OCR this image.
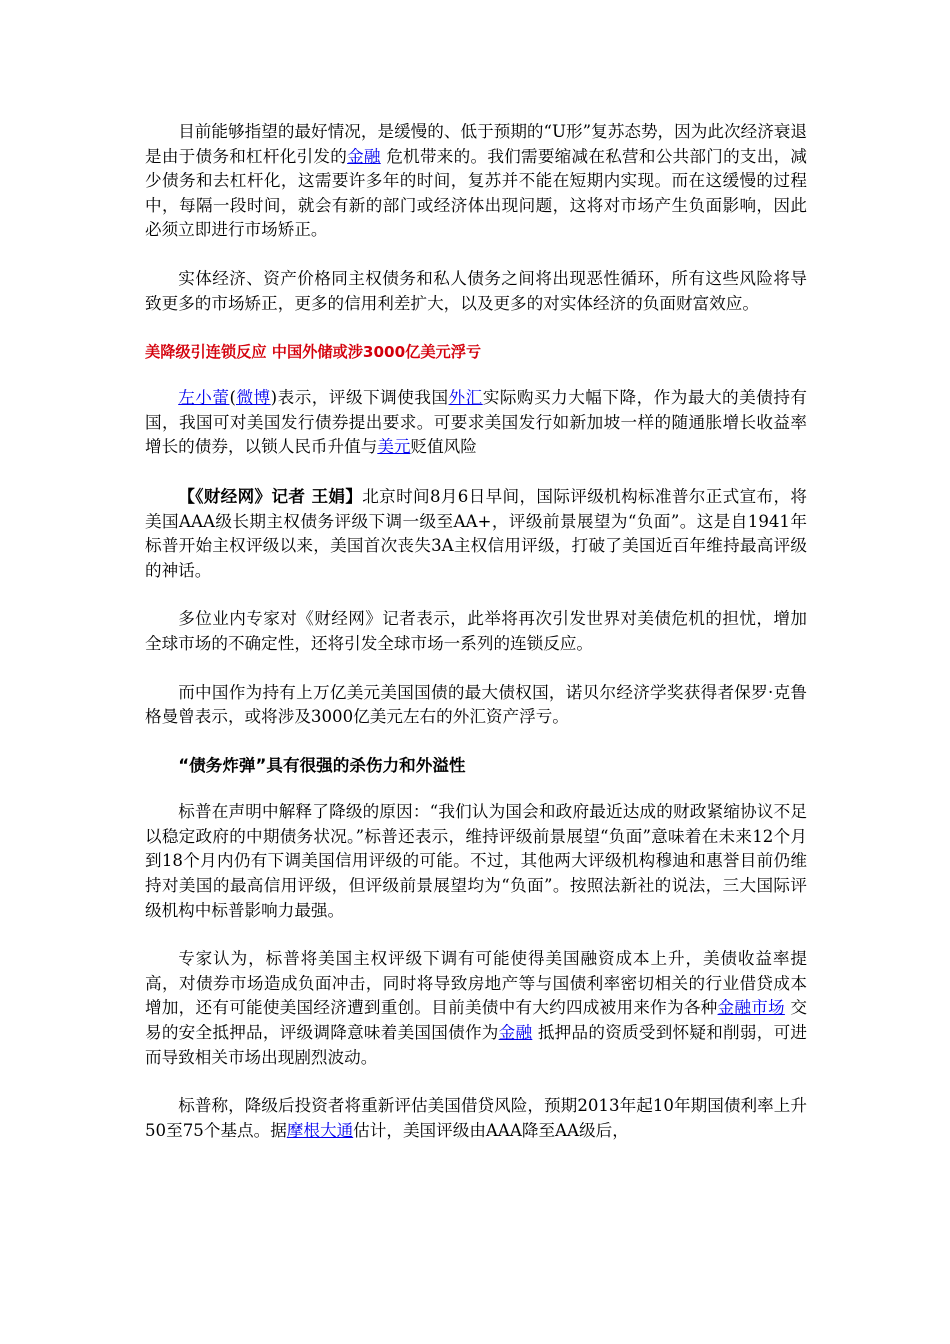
目前能够指望的最好情况，是缓慢的、低于预期的“U形”复苏态势，因为此次经济衰退是由于债务和杠杆化引发的金融 危机带来的。我们需要缩减在私营和公共部门的支出，减少债务和去杠杆化，这需要许多年的时间，复苏并不能在短期内实现。而在这缓慢的过程中，每隔一段时间，就会有新的部门或经济体出现问题，这将对市场产生负面影响，因此必须立即进行市场矫正。

实体经济、资产价格同主权债务和私人债务之间将出现恶性循环，所有这些风险将导致更多的市场矫正，更多的信用利差扩大，以及更多的对实体经济的负面财富效应。

美降级引连锁反应 中国外储或涉3000亿美元浮亏

左小蕾(微博)表示，评级下调使我国外汇实际购买力大幅下降，作为最大的美债持有国，我国可对美国发行债券提出要求。可要求美国发行如新加坡一样的随通胀增长收益率增长的债券，以锁人民币升值与美元贬值风险

【《财经网》记者 王娟】北京时间8月6日早间，国际评级机构标准普尔正式宣布，将美国AAA级长期主权债务评级下调一级至AA+，评级前景展望为“负面”。这是自1941年标普开始主权评级以来，美国首次丧失3A主权信用评级，打破了美国近百年维持最高评级的神话。

多位业内专家对《财经网》记者表示，此举将再次引发世界对美债危机的担忧，增加全球市场的不确定性，还将引发全球市场一系列的连锁反应。

而中国作为持有上万亿美元美国国债的最大债权国，诺贝尔经济学奖获得者保罗·克鲁格曼曾表示，或将涉及3000亿美元左右的外汇资产浮亏。

“债务炸弹”具有很强的杀伤力和外溢性

标普在声明中解释了降级的原因：“我们认为国会和政府最近达成的财政紧缩协议不足以稳定政府的中期债务状况。”标普还表示，维持评级前景展望“负面”意味着在未来12个月到18个月内仍有下调美国信用评级的可能。不过，其他两大评级机构穆迪和惠誉目前仍维持对美国的最高信用评级，但评级前景展望均为“负面”。按照法新社的说法，三大国际评级机构中标普影响力最强。

专家认为，标普将美国主权评级下调有可能使得美国融资成本上升，美债收益率提高，对债券市场造成负面冲击，同时将导致房地产等与国债利率密切相关的行业借贷成本增加，还有可能使美国经济遭到重创。目前美债中有大约四成被用来作为各种金融市场 交易的安全抵押品，评级调降意味着美国国债作为金融 抵押品的资质受到怀疑和削弱，可进而导致相关市场出现剧烈波动。

标普称，降级后投资者将重新评估美国借贷风险，预期2013年起10年期国债利率上升50至75个基点。据摩根大通估计，美国评级由AAA降至AA级后，
